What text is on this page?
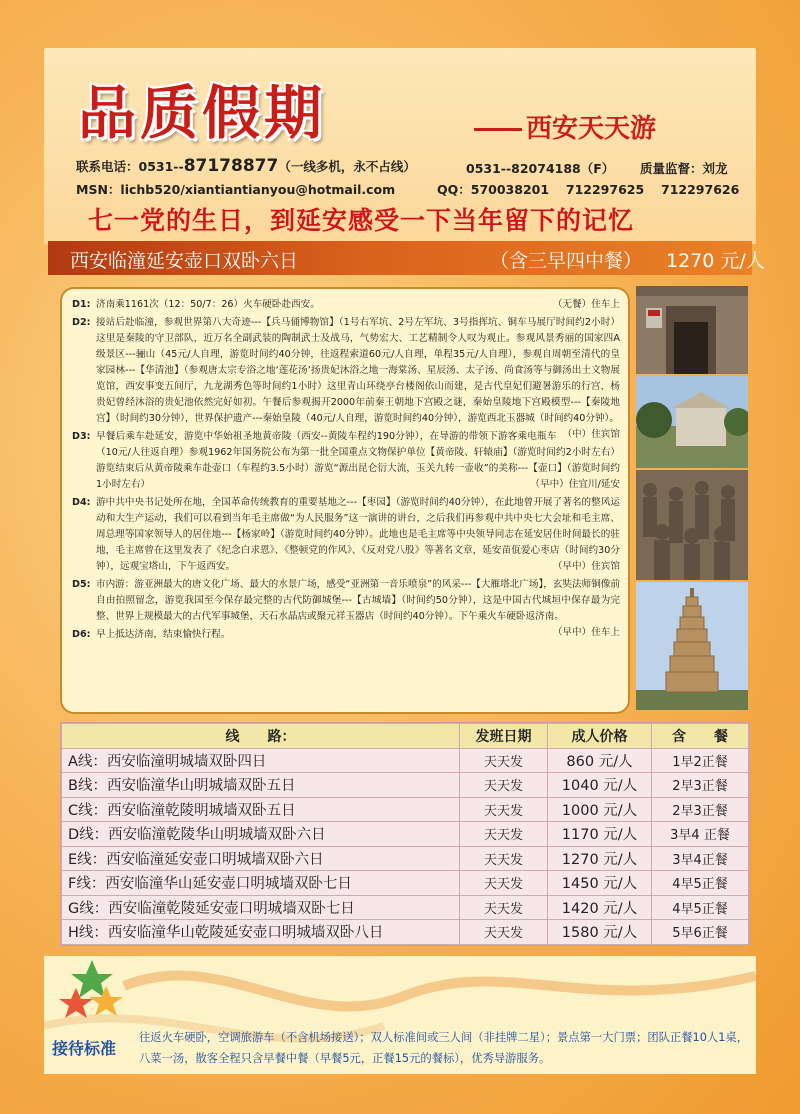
品质假期	西安天天游
联系电话：0531--87178877（一线多机，永不占线）	0531--82074188（F） 质量监督：刘龙
MSN：lichb520/xiantiantianyou@hotmail.com	QQ：570038201　 712297625　 712297626
七一党的生日，到延安感受一下当年留下的记忆
西安临潼延安壶口双卧六日	（含三早四中餐） 1270 元/人
D1: 济南乘1161次（12：50/7：26）火车硬卧赴西安。	（无餐）住车上
D2: 接站后赴临潼，参观世界第八大奇迹---【兵马俑博物馆】（1号右军坑、2号左军坑、3号指挥坑、铜车马展厅时间约2小时）这里是秦陵的守卫部队，近万名全副武装的陶制武士及战马，气势宏大、工艺精制令人叹为观止。参观风景秀丽的国家四A级景区---骊山（45元/人自理，游览时间约40分钟，往返程索道60元/人自理，单程35元/人自理），参观自周朝至清代的皇家园林---【华清池】（参观唐太宗专浴之地‘莲花汤’扬贵妃沐浴之地一海棠汤、星辰汤、太子汤、尚食汤等与御汤出土文物展览馆，西安事变五间厅，九龙湖秀色等时间约1小时）这里青山环绕亭台楼阁依山而建，是古代皇妃们避暑游乐的行宫，杨贵妃曾经沐浴的贵妃池依然完好如初。午餐后参观揭开2000年前秦王朝地下宫殿之谜，秦始皇陵地下宫殿模型---【秦陵地宫】（时间约30分钟），世界保护遗产---秦始皇陵（40元/人自理，游览时间约40分钟），游览西北玉器城（时间约40分钟）。
（中）住宾馆
D3: 早餐后乘车赴延安，游览中华始祖圣地黄帝陵（西安--黄陵车程约190分钟），在导游的带领下游客乘电瓶车（10元/人往返自理）参观1962年国务院公布为第一批全国重点文物保护单位【黄帝陵、轩辕庙】（游览时间约2小时左右）游览结束后从黄帝陵乘车赴壶口（车程约3.5小时）游览“源出昆仑衍大流，玉关九转一壶收”的美称---【壶口】（游览时间约1小时左右）	（早中）住宜川/延安
D4: 游中共中央书记处所在地，全国革命传统教育的重要基地之---【枣园】（游览时间约40分钟），在此地曾开展了著名的整风运动和大生产运动，我们可以看到当年毛主席做“为人民服务”这一演讲的讲台，之后我们再参观中共中央七大会址和毛主席、周总理等国家领导人的居住地---【杨家岭】（游览时间约40分钟）。此地也是毛主席等中央领导同志在延安居住时间最长的驻地，毛主席曾在这里发表了《纪念白求恩》、《整顿党的作风》、《反对党八股》等著名文章，延安苗佤爱心枣店（时间约30分钟），远观宝塔山，下午返西安。	（早中）住宾馆
D5: 市内游：游亚洲最大的唐文化广场、最大的水景广场，感受“亚洲第一音乐喷泉”的风采---【大雁塔北广场】，玄奘法师铜像前自由拍照留念，游览我国至今保存最完整的古代防御城堡---【古城墙】（时间约50分钟），这是中国古代城垣中保存最为完整、世界上规模最大的古代军事城堡，天石水晶店或聚元祥玉器店（时间约40分钟）。下午乘火车硬卧返济南。
（早中）住车上
D6: 早上抵达济南，结束愉快行程。
线　　路：	发班日期	成人价格	含　　餐
A线：西安临潼明城墙双卧四日	天天发	860 元/人	1早2正餐
B线：西安临潼华山明城墙双卧五日	天天发	1040 元/人	2早3正餐
C线：西安临潼乾陵明城墙双卧五日	天天发	1000 元/人	2早3正餐
D线：西安临潼乾陵华山明城墙双卧六日	天天发	1170 元/人	3早4 正餐
E线：西安临潼延安壶口明城墙双卧六日	天天发	1270 元/人	3早4正餐
F线：西安临潼华山延安壶口明城墙双卧七日	天天发	1450 元/人	4早5正餐
G线：西安临潼乾陵延安壶口明城墙双卧七日	天天发	1420 元/人	4早5正餐
H线：西安临潼华山乾陵延安壶口明城墙双卧八日	天天发	1580 元/人	5早6正餐
接待标准
往返火车硬卧，空调旅游车（不含机场接送）；双人标准间或三人间（非挂牌二星）；景点第一大门票；团队正餐10人1桌，八菜一汤，散客全程只含早餐中餐（早餐5元，正餐15元的餐标），优秀导游服务。
